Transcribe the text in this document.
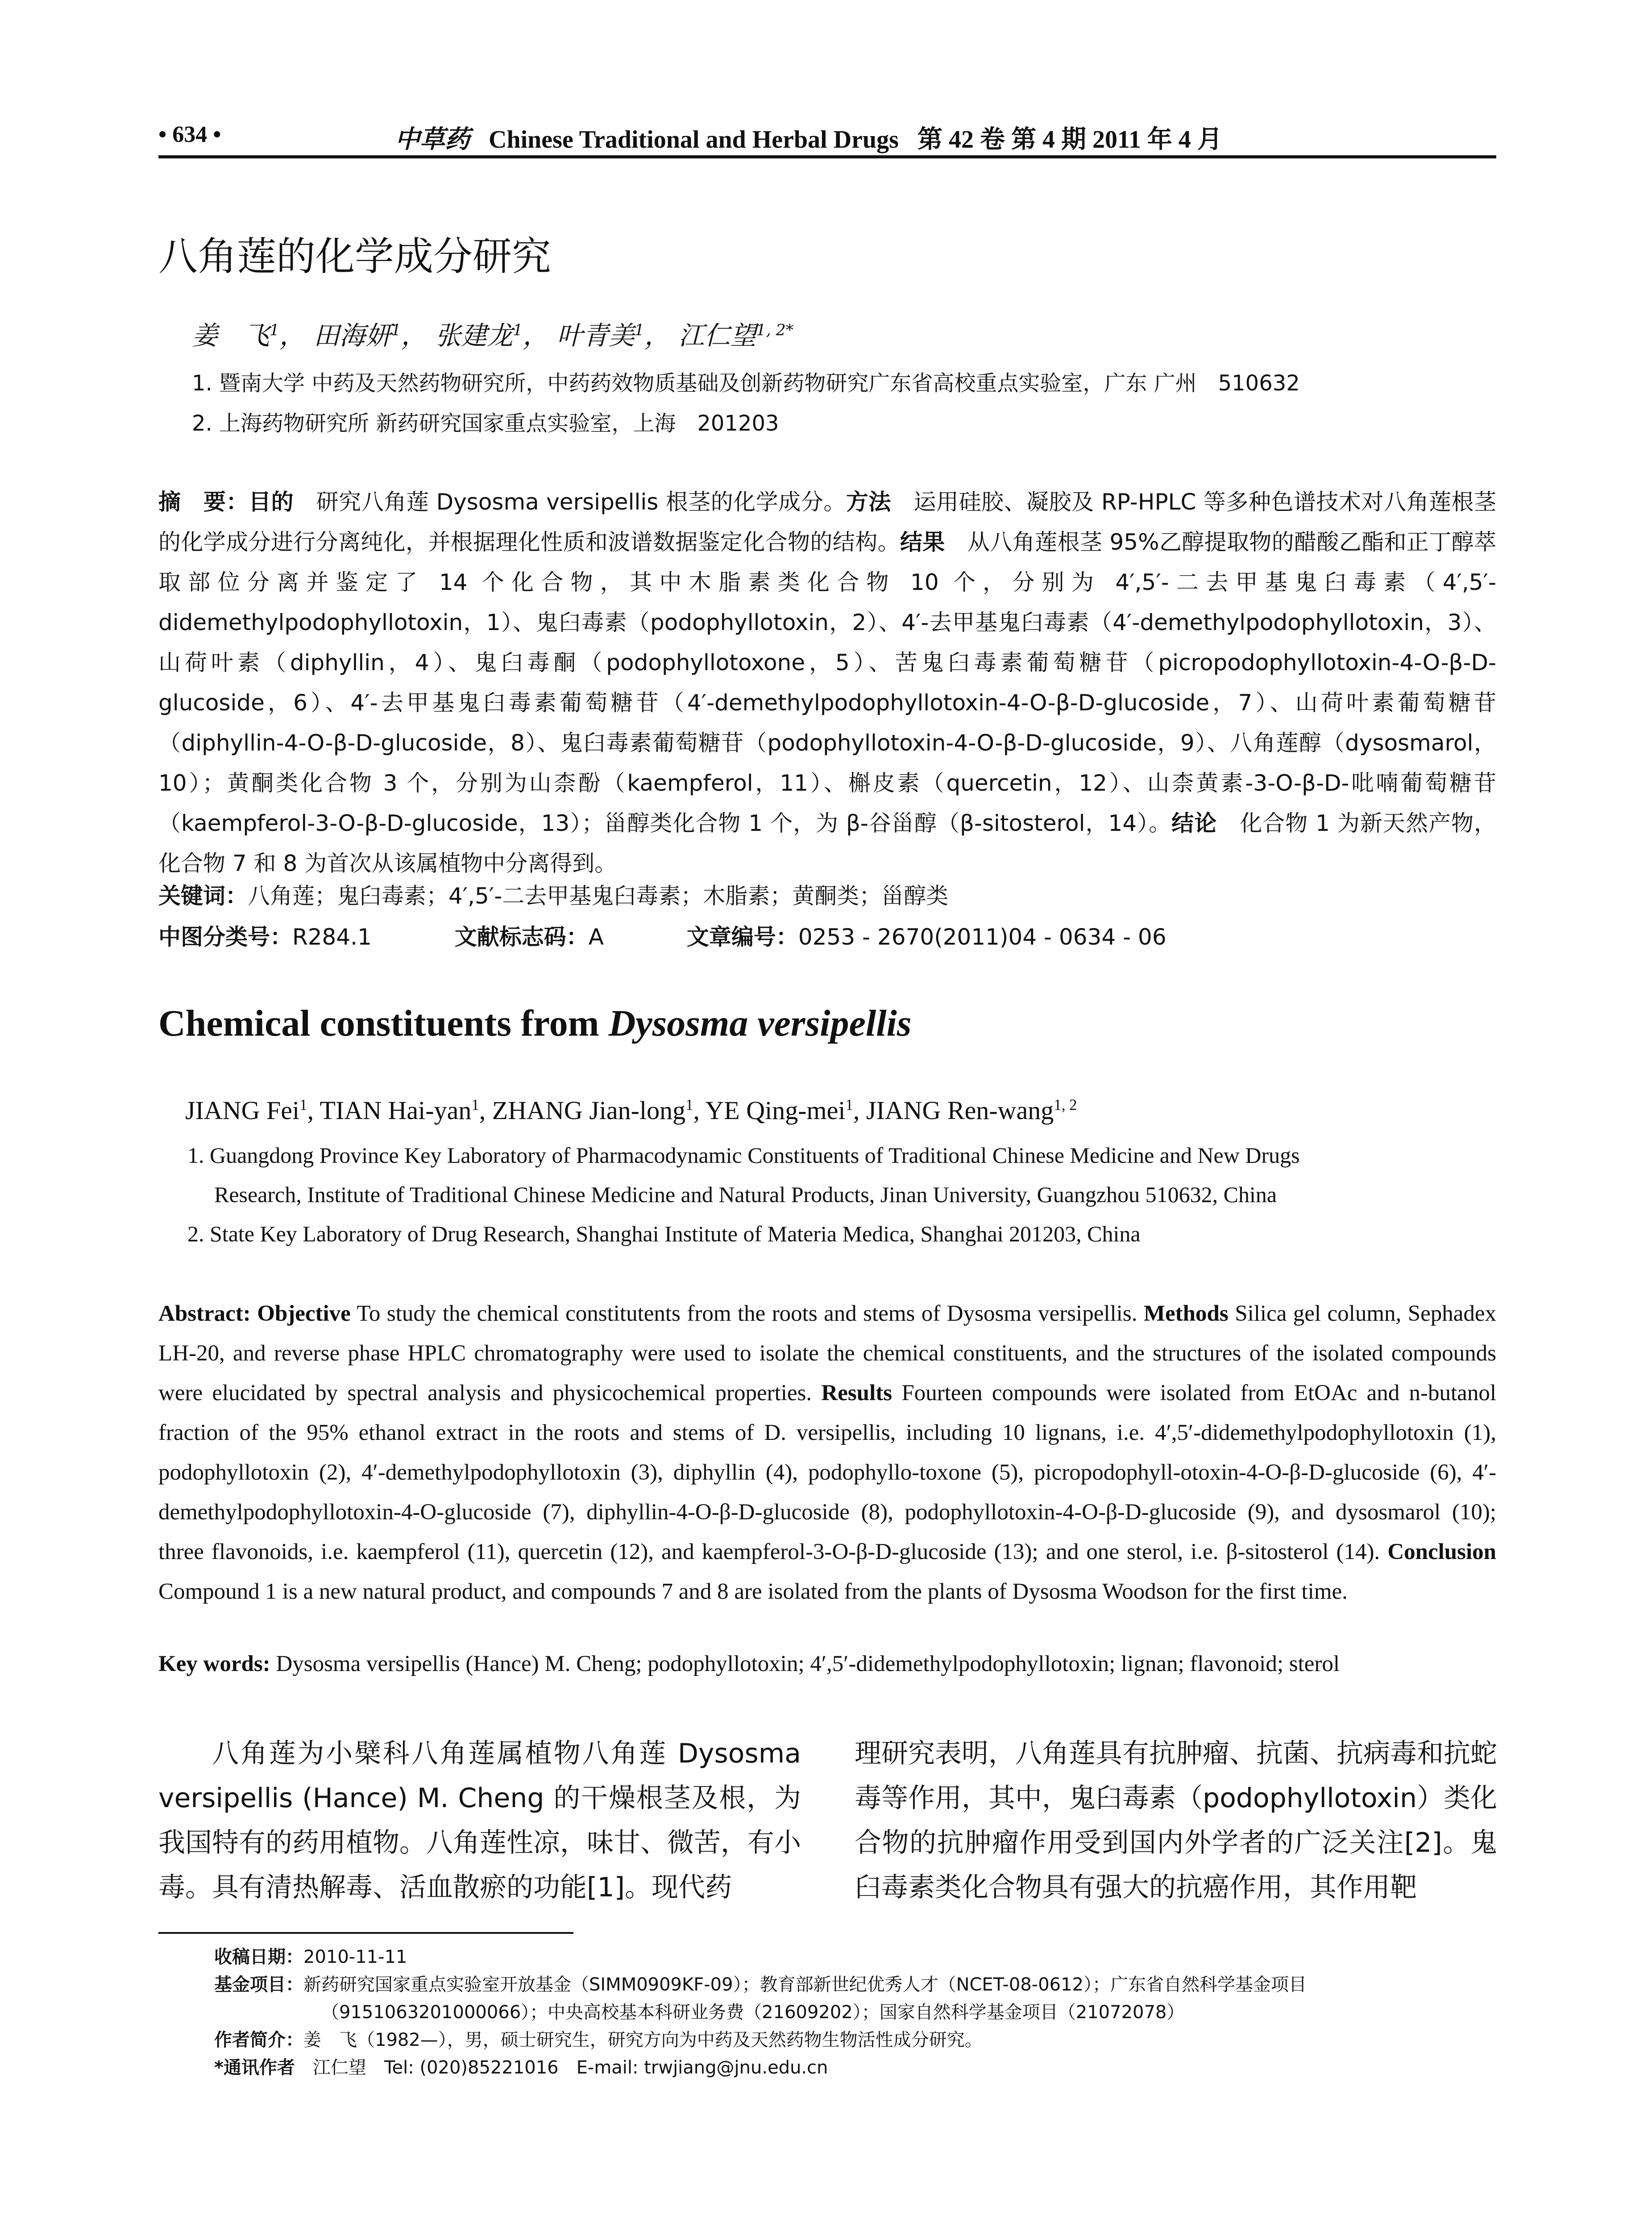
• 634 •	中草药 Chinese Traditional and Herbal Drugs 第 42 卷 第 4 期 2011 年 4 月
八角莲的化学成分研究
姜　飞$^1$， 田海妍$^1$， 张建龙$^1$， 叶青美$^1$， 江仁望$^{1, 2*}$
1. 暨南大学 中药及天然药物研究所，中药药效物质基础及创新药物研究广东省高校重点实验室，广东 广州　510632
2. 上海药物研究所 新药研究国家重点实验室，上海　201203
摘　要：目的　研究八角莲 Dysosma versipellis 根茎的化学成分。方法　运用硅胶、凝胶及 RP-HPLC 等多种色谱技术对八角莲根茎的化学成分进行分离纯化，并根据理化性质和波谱数据鉴定化合物的结构。结果　从八角莲根茎 95%乙醇提取物的醋酸乙酯和正丁醇萃取部位分离并鉴定了 14 个化合物，其中木脂素类化合物 10 个，分别为 4′,5′-二去甲基鬼臼毒素（4′,5′-didemethylpodophyllotoxin，1）、鬼臼毒素（podophyllotoxin，2）、4′-去甲基鬼臼毒素（4′-demethylpodophyllotoxin，3）、山荷叶素（diphyllin，4）、鬼臼毒酮（podophyllotoxone，5）、苦鬼臼毒素葡萄糖苷（picropodophyllotoxin-4-O-β-D-glucoside，6）、4′-去甲基鬼臼毒素葡萄糖苷（4′-demethylpodophyllotoxin-4-O-β-D-glucoside，7）、山荷叶素葡萄糖苷（diphyllin-4-O-β-D-glucoside，8）、鬼臼毒素葡萄糖苷（podophyllotoxin-4-O-β-D-glucoside，9）、八角莲醇（dysosmarol，10）；黄酮类化合物 3 个，分别为山柰酚（kaempferol，11）、槲皮素（quercetin，12）、山柰黄素-3-O-β-D-吡喃葡萄糖苷（kaempferol-3-O-β-D-glucoside，13）；甾醇类化合物 1 个，为 β-谷甾醇（β-sitosterol，14）。结论　化合物 1 为新天然产物，化合物 7 和 8 为首次从该属植物中分离得到。
关键词：八角莲；鬼臼毒素；4′,5′-二去甲基鬼臼毒素；木脂素；黄酮类；甾醇类
中图分类号：R284.1	文献标志码：A	文章编号：0253 - 2670(2011)04 - 0634 - 06
Chemical constituents from Dysosma versipellis
JIANG Fei$^1$, TIAN Hai-yan$^1$, ZHANG Jian-long$^1$, YE Qing-mei$^1$, JIANG Ren-wang$^{1, 2}$
1. Guangdong Province Key Laboratory of Pharmacodynamic Constituents of Traditional Chinese Medicine and New Drugs
Research, Institute of Traditional Chinese Medicine and Natural Products, Jinan University, Guangzhou 510632, China
2. State Key Laboratory of Drug Research, Shanghai Institute of Materia Medica, Shanghai 201203, China
Abstract: Objective To study the chemical constitutents from the roots and stems of Dysosma versipellis. Methods Silica gel column, Sephadex LH-20, and reverse phase HPLC chromatography were used to isolate the chemical constituents, and the structures of the isolated compounds were elucidated by spectral analysis and physicochemical properties. Results Fourteen compounds were isolated from EtOAc and n-butanol fraction of the 95% ethanol extract in the roots and stems of D. versipellis, including 10 lignans, i.e. 4′,5′-didemethylpodophyllotoxin (1), podophyllotoxin (2), 4′-demethylpodophyllotoxin (3), diphyllin (4), podophyllo-toxone (5), picropodophyll-otoxin-4-O-β-D-glucoside (6), 4′-demethylpodophyllotoxin-4-O-glucoside (7), diphyllin-4-O-β-D-glucoside (8), podophyllotoxin-4-O-β-D-glucoside (9), and dysosmarol (10); three flavonoids, i.e. kaempferol (11), quercetin (12), and kaempferol-3-O-β-D-glucoside (13); and one sterol, i.e. β-sitosterol (14). Conclusion Compound 1 is a new natural product, and compounds 7 and 8 are isolated from the plants of Dysosma Woodson for the first time.
Key words: Dysosma versipellis (Hance) M. Cheng; podophyllotoxin; 4′,5′-didemethylpodophyllotoxin; lignan; flavonoid; sterol
八角莲为小檗科八角莲属植物八角莲 Dysosma versipellis (Hance) M. Cheng 的干燥根茎及根，为我国特有的药用植物。八角莲性凉，味甘、微苦，有小毒。具有清热解毒、活血散瘀的功能[1]。现代药
理研究表明，八角莲具有抗肿瘤、抗菌、抗病毒和抗蛇毒等作用，其中，鬼臼毒素（podophyllotoxin）类化合物的抗肿瘤作用受到国内外学者的广泛关注[2]。鬼臼毒素类化合物具有强大的抗癌作用，其作用靶
收稿日期：2010-11-11
基金项目：新药研究国家重点实验室开放基金（SIMM0909KF-09）；教育部新世纪优秀人才（NCET-08-0612）；广东省自然科学基金项目
（9151063201000066）；中央高校基本科研业务费（21609202）；国家自然科学基金项目（21072078）
作者简介：姜　飞（1982—），男，硕士研究生，研究方向为中药及天然药物生物活性成分研究。
*通讯作者　江仁望　Tel: (020)85221016　E-mail: trwjiang@jnu.edu.cn
